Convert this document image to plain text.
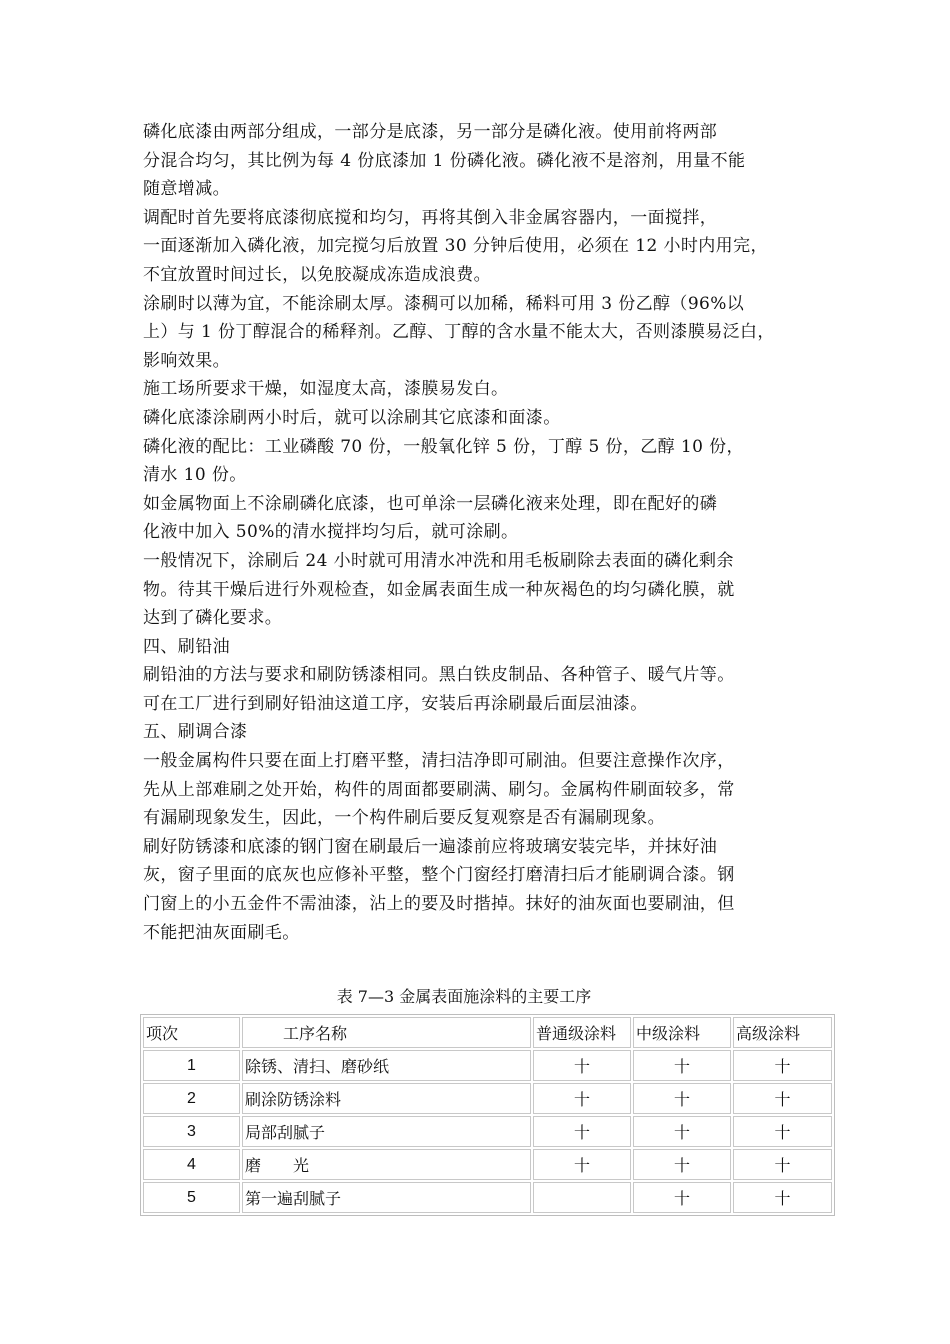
磷化底漆由两部分组成，一部分是底漆，另一部分是磷化液。使用前将两部
分混合均匀，其比例为每 4 份底漆加 1 份磷化液。磷化液不是溶剂，用量不能
随意增减。
调配时首先要将底漆彻底搅和均匀，再将其倒入非金属容器内，一面搅拌，
一面逐渐加入磷化液，加完搅匀后放置 30 分钟后使用，必须在 12 小时内用完，
不宜放置时间过长，以免胶凝成冻造成浪费。
涂刷时以薄为宜，不能涂刷太厚。漆稠可以加稀，稀料可用 3 份乙醇（96%以
上）与 1 份丁醇混合的稀释剂。乙醇、丁醇的含水量不能太大，否则漆膜易泛白，
影响效果。
施工场所要求干燥，如湿度太高，漆膜易发白。
磷化底漆涂刷两小时后，就可以涂刷其它底漆和面漆。
磷化液的配比：工业磷酸 70 份，一般氧化锌 5 份，丁醇 5 份，乙醇 10 份，
清水 10 份。
如金属物面上不涂刷磷化底漆，也可单涂一层磷化液来处理，即在配好的磷
化液中加入 50%的清水搅拌均匀后，就可涂刷。
一般情况下，涂刷后 24 小时就可用清水冲洗和用毛板刷除去表面的磷化剩余
物。待其干燥后进行外观检查，如金属表面生成一种灰褐色的均匀磷化膜，就
达到了磷化要求。
四、刷铅油
刷铅油的方法与要求和刷防锈漆相同。黑白铁皮制品、各种管子、暖气片等。
可在工厂进行到刷好铅油这道工序，安装后再涂刷最后面层油漆。
五、刷调合漆
一般金属构件只要在面上打磨平整，清扫洁净即可刷油。但要注意操作次序，
先从上部难刷之处开始，构件的周面都要刷满、刷匀。金属构件刷面较多，常
有漏刷现象发生，因此，一个构件刷后要反复观察是否有漏刷现象。
刷好防锈漆和底漆的钢门窗在刷最后一遍漆前应将玻璃安装完毕，并抹好油
灰，窗子里面的底灰也应修补平整，整个门窗经打磨清扫后才能刷调合漆。钢
门窗上的小五金件不需油漆，沾上的要及时揩掉。抹好的油灰面也要刷油，但
不能把油灰面刷毛。
表 7—3 金属表面施涂料的主要工序
项次	工序名称	普通级涂料	中级涂料	高级涂料
1	除锈、清扫、磨砂纸	十	十	十
2	刷涂防锈涂料	十	十	十
3	局部刮腻子	十	十	十
4	磨　　光	十	十	十
5	第一遍刮腻子		十	十
